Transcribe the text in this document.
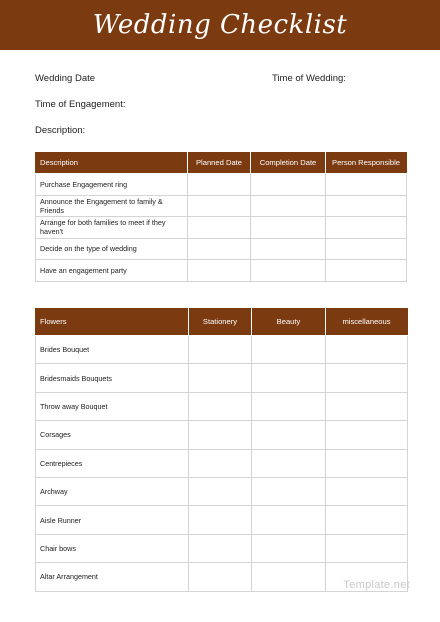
Wedding Checklist
Wedding Date	Time of Wedding:
Time of Engagement:
Description:
Description	Planned Date	Completion Date	Person Responsible
Purchase Engagement ring			
Announce the Engagement to family & Friends			
Arrange for both families to meet if they haven't			
Decide on the type of wedding			
Have an engagement party			
Flowers	Stationery	Beauty	miscellaneous
Brides Bouquet			
Bridesmaids Bouquets			
Throw away Bouquet			
Corsages			
Centrepieces			
Archway			
Aisle Runner			
Chair bows			
Altar Arrangement			
Template.net
